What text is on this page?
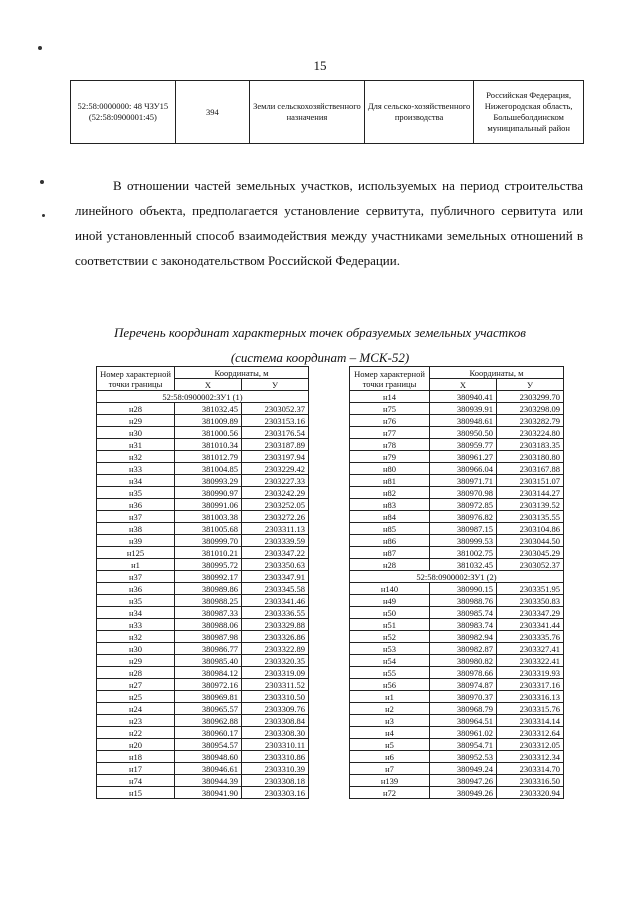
15
52:58:0000000: 48 ЧЗУ15 (52:58:0900001:45)	394	Земли сельскохозяйственного назначения	Для сельско-хозяйственного производства	Российская Федерация, Нижегородская область, Большеболдинском муниципальный район

В отношении частей земельных участков, используемых на период строительства линейного объекта, предполагается установление сервитута, публичного сервитута или иной установленный способ взаимодействия между участниками земельных отношений в соответствии с законодательством Российской Федерации.

Перечень координат характерных точек образуемых земельных участков
(система координат – МСК-52)
Номер характерной точки границы	Координаты, м	
	X	У
52:58:0900002:ЗУ1 (1)		
н28	381032.45	2303052.37
н29	381009.89	2303153.16
н30	381000.56	2303176.54
н31	381010.34	2303187.89
н32	381012.79	2303197.94
н33	381004.85	2303229.42
н34	380993.29	2303227.33
н35	380990.97	2303242.29
н36	380991.06	2303252.05
н37	381003.38	2303272.26
н38	381005.68	2303311.13
н39	380999.70	2303339.59
н125	381010.21	2303347.22
н1	380995.72	2303350.63
н37	380992.17	2303347.91
н36	380989.86	2303345.58
н35	380988.25	2303341.46
н34	380987.33	2303336.55
н33	380988.06	2303329.88
н32	380987.98	2303326.86
н30	380986.77	2303322.89
н29	380985.40	2303320.35
н28	380984.12	2303319.09
н27	380972.16	2303311.52
н25	380969.81	2303310.50
н24	380965.57	2303309.76
н23	380962.88	2303308.84
н22	380960.17	2303308.30
н20	380954.57	2303310.11
н18	380948.60	2303310.86
н17	380946.61	2303310.39
н74	380944.39	2303308.18
н15	380941.90	2303303.16
Номер характерной точки границы	Координаты, м	
	X	У
н14	380940.41	2303299.70
н75	380939.91	2303298.09
н76	380948.61	2303282.79
н77	380950.50	2303224.80
н78	380959.77	2303183.35
н79	380961.27	2303180.80
н80	380966.04	2303167.88
н81	380971.71	2303151.07
н82	380970.98	2303144.27
н83	380972.85	2303139.52
н84	380976.82	2303135.55
н85	380987.15	2303104.86
н86	380999.53	2303044.50
н87	381002.75	2303045.29
н28	381032.45	2303052.37
52:58:0900002:ЗУ1 (2)		
н140	380990.15	2303351.95
н49	380988.76	2303350.83
н50	380985.74	2303347.29
н51	380983.74	2303341.44
н52	380982.94	2303335.76
н53	380982.87	2303327.41
н54	380980.82	2303322.41
н55	380978.66	2303319.93
н56	380974.87	2303317.16
н1	380970.37	2303316.13
н2	380968.79	2303315.76
н3	380964.51	2303314.14
н4	380961.02	2303312.64
н5	380954.71	2303312.05
н6	380952.53	2303312.34
н7	380949.24	2303314.70
н139	380947.26	2303316.50
н72	380949.26	2303320.94
